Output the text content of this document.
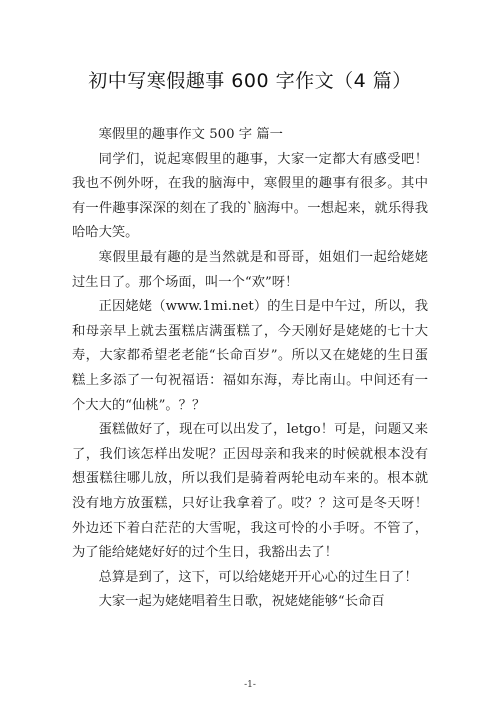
初中写寒假趣事 600 字作文（4 篇）

寒假里的趣事作文 500 字 篇一

同学们，说起寒假里的趣事，大家一定都大有感受吧！我也不例外呀，在我的脑海中，寒假里的趣事有很多。其中有一件趣事深深的刻在了我的`脑海中。一想起来，就乐得我哈哈大笑。

寒假里最有趣的是当然就是和哥哥，姐姐们一起给姥姥过生日了。那个场面，叫一个“欢”呀！

正因姥姥（www.1mi.net）的生日是中午过，所以，我和母亲早上就去蛋糕店满蛋糕了，今天刚好是姥姥的七十大寿，大家都希望老老能“长命百岁”。所以又在姥姥的生日蛋糕上多添了一句祝福语：福如东海，寿比南山。中间还有一个大大的“仙桃”。？？

蛋糕做好了，现在可以出发了，letgo！可是，问题又来了，我们该怎样出发呢？正因母亲和我来的时候就根本没有想蛋糕往哪儿放，所以我们是骑着两轮电动车来的。根本就没有地方放蛋糕，只好让我拿着了。哎？？这可是冬天呀！外边还下着白茫茫的大雪呢，我这可怜的小手呀。不管了，为了能给姥姥好好的过个生日，我豁出去了！

总算是到了，这下，可以给姥姥开开心心的过生日了！

大家一起为姥姥唱着生日歌，祝姥姥能够“长命百

-1-
